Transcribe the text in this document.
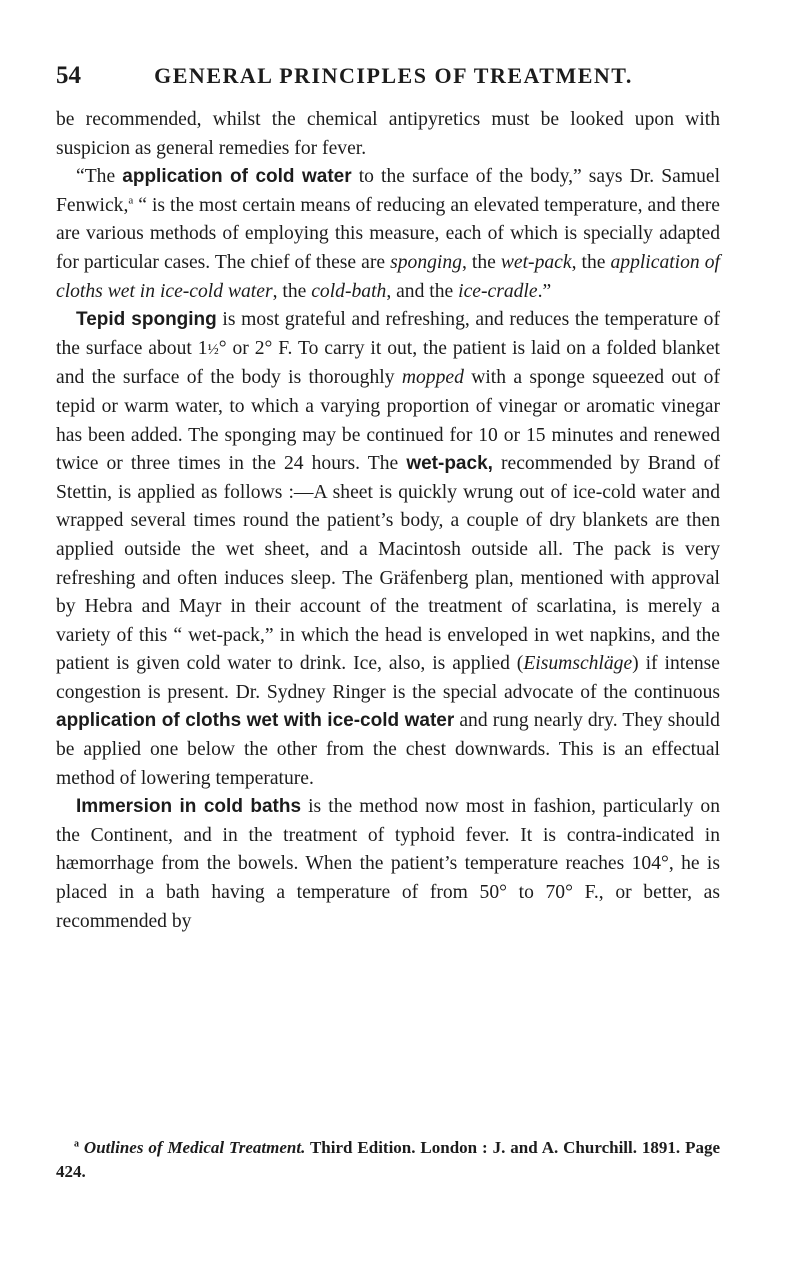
54	GENERAL PRINCIPLES OF TREATMENT.

be recommended, whilst the chemical antipyretics must be looked upon with suspicion as general remedies for fever.

“The application of cold water to the surface of the body,” says Dr. Samuel Fenwick,$^a$ “ is the most certain means of reducing an elevated temperature, and there are various methods of employing this measure, each of which is specially adapted for particular cases. The chief of these are sponging, the wet-pack, the application of cloths wet in ice-cold water, the cold-bath, and the ice-cradle.”

Tepid sponging is most grateful and refreshing, and reduces the temperature of the surface about 1½° or 2° F. To carry it out, the patient is laid on a folded blanket and the surface of the body is thoroughly mopped with a sponge squeezed out of tepid or warm water, to which a varying proportion of vinegar or aromatic vinegar has been added. The sponging may be continued for 10 or 15 minutes and renewed twice or three times in the 24 hours. The wet-pack, recommended by Brand of Stettin, is applied as follows :—A sheet is quickly wrung out of ice-cold water and wrapped several times round the patient’s body, a couple of dry blankets are then applied outside the wet sheet, and a Macintosh outside all. The pack is very refreshing and often induces sleep. The Gräfenberg plan, mentioned with approval by Hebra and Mayr in their account of the treatment of scarlatina, is merely a variety of this “ wet-pack,” in which the head is enveloped in wet napkins, and the patient is given cold water to drink. Ice, also, is applied (Eisumschläge) if intense congestion is present. Dr. Sydney Ringer is the special advocate of the continuous application of cloths wet with ice-cold water and rung nearly dry. They should be applied one below the other from the chest downwards. This is an effectual method of lowering temperature.

Immersion in cold baths is the method now most in fashion, particularly on the Continent, and in the treatment of typhoid fever. It is contra-indicated in hæmorrhage from the bowels. When the patient’s temperature reaches 104°, he is placed in a bath having a temperature of from 50° to 70° F., or better, as recommended by

$^a$ Outlines of Medical Treatment. Third Edition. London : J. and A. Churchill. 1891. Page 424.
